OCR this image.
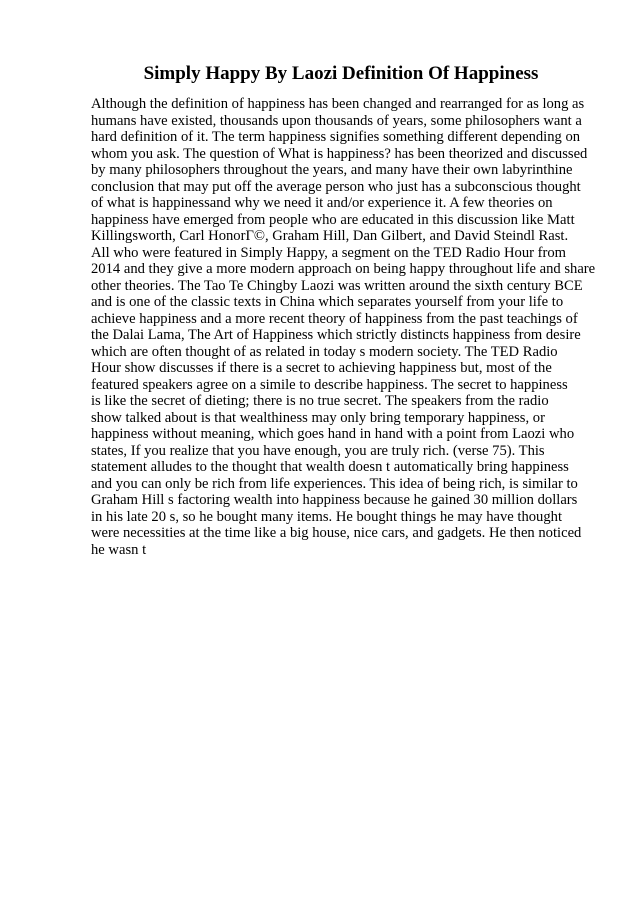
Simply Happy By Laozi Definition Of Happiness
Although the definition of happiness has been changed and rearranged for as long as
humans have existed, thousands upon thousands of years, some philosophers want a
hard definition of it. The term happiness signifies something different depending on
whom you ask. The question of What is happiness? has been theorized and discussed
by many philosophers throughout the years, and many have their own labyrinthine
conclusion that may put off the average person who just has a subconscious thought
of what is happinessand why we need it and/or experience it. A few theories on
happiness have emerged from people who are educated in this discussion like Matt
Killingsworth, Carl HonorГ©, Graham Hill, Dan Gilbert, and David Steindl Rast.
All who were featured in Simply Happy, a segment on the TED Radio Hour from
2014 and they give a more modern approach on being happy throughout life and share
other theories. The Tao Te Chingby Laozi was written around the sixth century BCE
and is one of the classic texts in China which separates yourself from your life to
achieve happiness and a more recent theory of happiness from the past teachings of
the Dalai Lama, The Art of Happiness which strictly distincts happiness from desire
which are often thought of as related in today s modern society. The TED Radio
Hour show discusses if there is a secret to achieving happiness but, most of the
featured speakers agree on a simile to describe happiness. The secret to happiness
is like the secret of dieting; there is no true secret. The speakers from the radio
show talked about is that wealthiness may only bring temporary happiness, or
happiness without meaning, which goes hand in hand with a point from Laozi who
states, If you realize that you have enough, you are truly rich. (verse 75). This
statement alludes to the thought that wealth doesn t automatically bring happiness
and you can only be rich from life experiences. This idea of being rich, is similar to
Graham Hill s factoring wealth into happiness because he gained 30 million dollars
in his late 20 s, so he bought many items. He bought things he may have thought
were necessities at the time like a big house, nice cars, and gadgets. He then noticed
he wasn t
